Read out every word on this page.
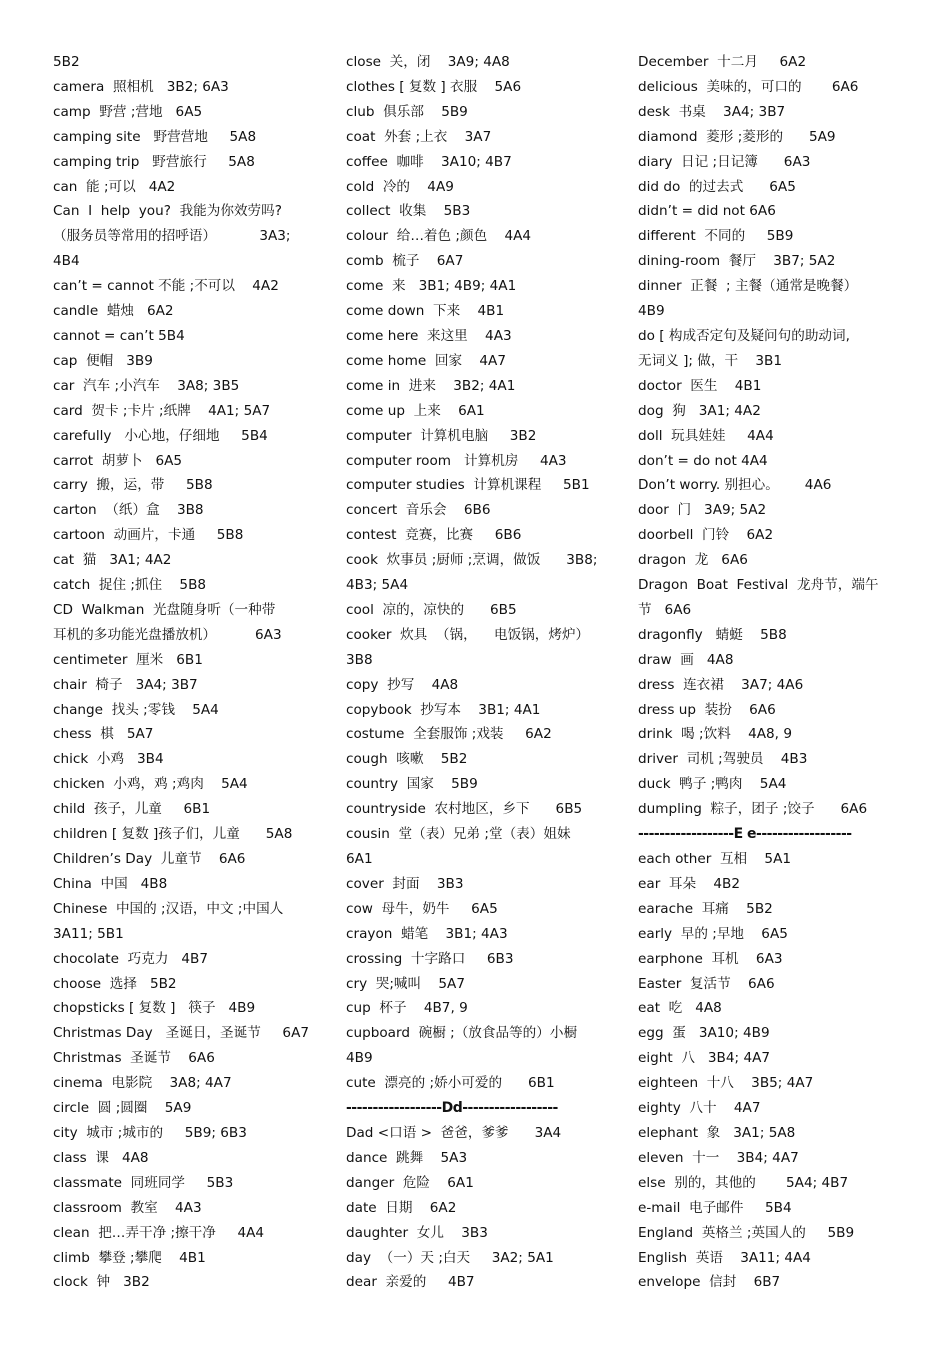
5B2
camera  照相机   3B2; 6A3
camp  野营 ;营地   6A5
camping site   野营营地     5A8
camping trip   野营旅行     5A8
can  能 ;可以   4A2
Can  I  help  you?  我能为你效劳吗?
（服务员等常用的招呼语）          3A3;
4B4
can’t = cannot 不能 ;不可以    4A2
candle  蜡烛   6A2
cannot = can’t 5B4
cap  便帽   3B9
car  汽车 ;小汽车    3A8; 3B5
card  贺卡 ;卡片 ;纸牌    4A1; 5A7
carefully   小心地，仔细地     5B4
carrot  胡萝卜   6A5
carry  搬，运，带     5B8
carton  （纸）盒    3B8
cartoon  动画片，卡通     5B8
cat  猫   3A1; 4A2
catch  捉住 ;抓住    5B8
CD  Walkman  光盘随身听（一种带
耳机的多功能光盘播放机）         6A3
centimeter  厘米   6B1
chair  椅子   3A4; 3B7
change  找头 ;零钱    5A4
chess  棋   5A7
chick  小鸡   3B4
chicken  小鸡，鸡 ;鸡肉    5A4
child  孩子，儿童     6B1
children [ 复数 ]孩子们，儿童      5A8
Children’s Day  儿童节    6A6
China  中国   4B8
Chinese  中国的 ;汉语，中文 ;中国人
3A11; 5B1
chocolate  巧克力   4B7
choose  选择   5B2
chopsticks [ 复数 ]   筷子   4B9
Christmas Day   圣诞日，圣诞节     6A7
Christmas  圣诞节    6A6
cinema  电影院    3A8; 4A7
circle  圆 ;圆圈    5A9
city  城市 ;城市的     5B9; 6B3
class  课   4A8
classmate  同班同学     5B3
classroom  教室    4A3
clean  把…弄干净 ;擦干净     4A4
climb  攀登 ;攀爬    4B1
clock  钟   3B2
close  关，闭    3A9; 4A8
clothes [ 复数 ] 衣服    5A6
club  俱乐部    5B9
coat  外套 ;上衣    3A7
coffee  咖啡    3A10; 4B7
cold  冷的    4A9
collect  收集    5B3
colour  给…着色 ;颜色    4A4
comb  梳子    6A7
come  来   3B1; 4B9; 4A1
come down  下来    4B1
come here  来这里    4A3
come home  回家    4A7
come in  进来    3B2; 4A1
come up  上来    6A1
computer  计算机电脑     3B2
computer room   计算机房     4A3
computer studies  计算机课程     5B1
concert  音乐会    6B6
contest  竞赛，比赛     6B6
cook  炊事员 ;厨师 ;烹调，做饭      3B8;
4B3; 5A4
cool  凉的，凉快的      6B5
cooker  炊具  （锅，    电饭锅，烤炉）
3B8
copy  抄写    4A8
copybook  抄写本    3B1; 4A1
costume  全套服饰 ;戏装     6A2
cough  咳嗽    5B2
country  国家    5B9
countryside  农村地区，乡下      6B5
cousin  堂（表）兄弟 ;堂（表）姐妹
6A1
cover  封面    3B3
cow  母牛，奶牛     6A5
crayon  蜡笔    3B1; 4A3
crossing  十字路口     6B3
cry  哭;喊叫    5A7
cup  杯子    4B7, 9
cupboard  碗橱 ;（放食品等的）小橱
4B9
cute  漂亮的 ;娇小可爱的      6B1
------------------Dd------------------
Dad <口语 >  爸爸，爹爹      3A4
dance  跳舞    5A3
danger  危险    6A1
date  日期    6A2
daughter  女儿    3B3
day  （一）天 ;白天     3A2; 5A1
dear  亲爱的     4B7
December  十二月     6A2
delicious  美味的，可口的       6A6
desk  书桌    3A4; 3B7
diamond  菱形 ;菱形的      5A9
diary  日记 ;日记簿      6A3
did do  的过去式      6A5
didn’t = did not 6A6
different  不同的     5B9
dining-room  餐厅    3B7; 5A2
dinner  正餐  ; 主餐（通常是晚餐）
4B9
do [ 构成否定句及疑问句的助动词,
无词义 ]; 做，干    3B1
doctor  医生    4B1
dog  狗   3A1; 4A2
doll  玩具娃娃     4A4
don’t = do not 4A4
Don’t worry. 别担心。      4A6
door  门   3A9; 5A2
doorbell  门铃    6A2
dragon  龙   6A6
Dragon  Boat  Festival  龙舟节，端午
节   6A6
dragonfly   蜻蜓    5B8
draw  画   4A8
dress  连衣裙    3A7; 4A6
dress up  装扮    6A6
drink  喝 ;饮料    4A8, 9
driver  司机 ;驾驶员    4B3
duck  鸭子 ;鸭肉    5A4
dumpling  粽子，团子 ;饺子      6A6
------------------E e------------------
each other  互相    5A1
ear  耳朵    4B2
earache  耳痛    5B2
early  早的 ;早地    6A5
earphone  耳机    6A3
Easter  复活节    6A6
eat  吃   4A8
egg  蛋   3A10; 4B9
eight  八   3B4; 4A7
eighteen  十八    3B5; 4A7
eighty  八十    4A7
elephant  象   3A1; 5A8
eleven  十一    3B4; 4A7
else  别的，其他的       5A4; 4B7
e-mail  电子邮件     5B4
England  英格兰 ;英国人的     5B9
English  英语    3A11; 4A4
envelope  信封    6B7
